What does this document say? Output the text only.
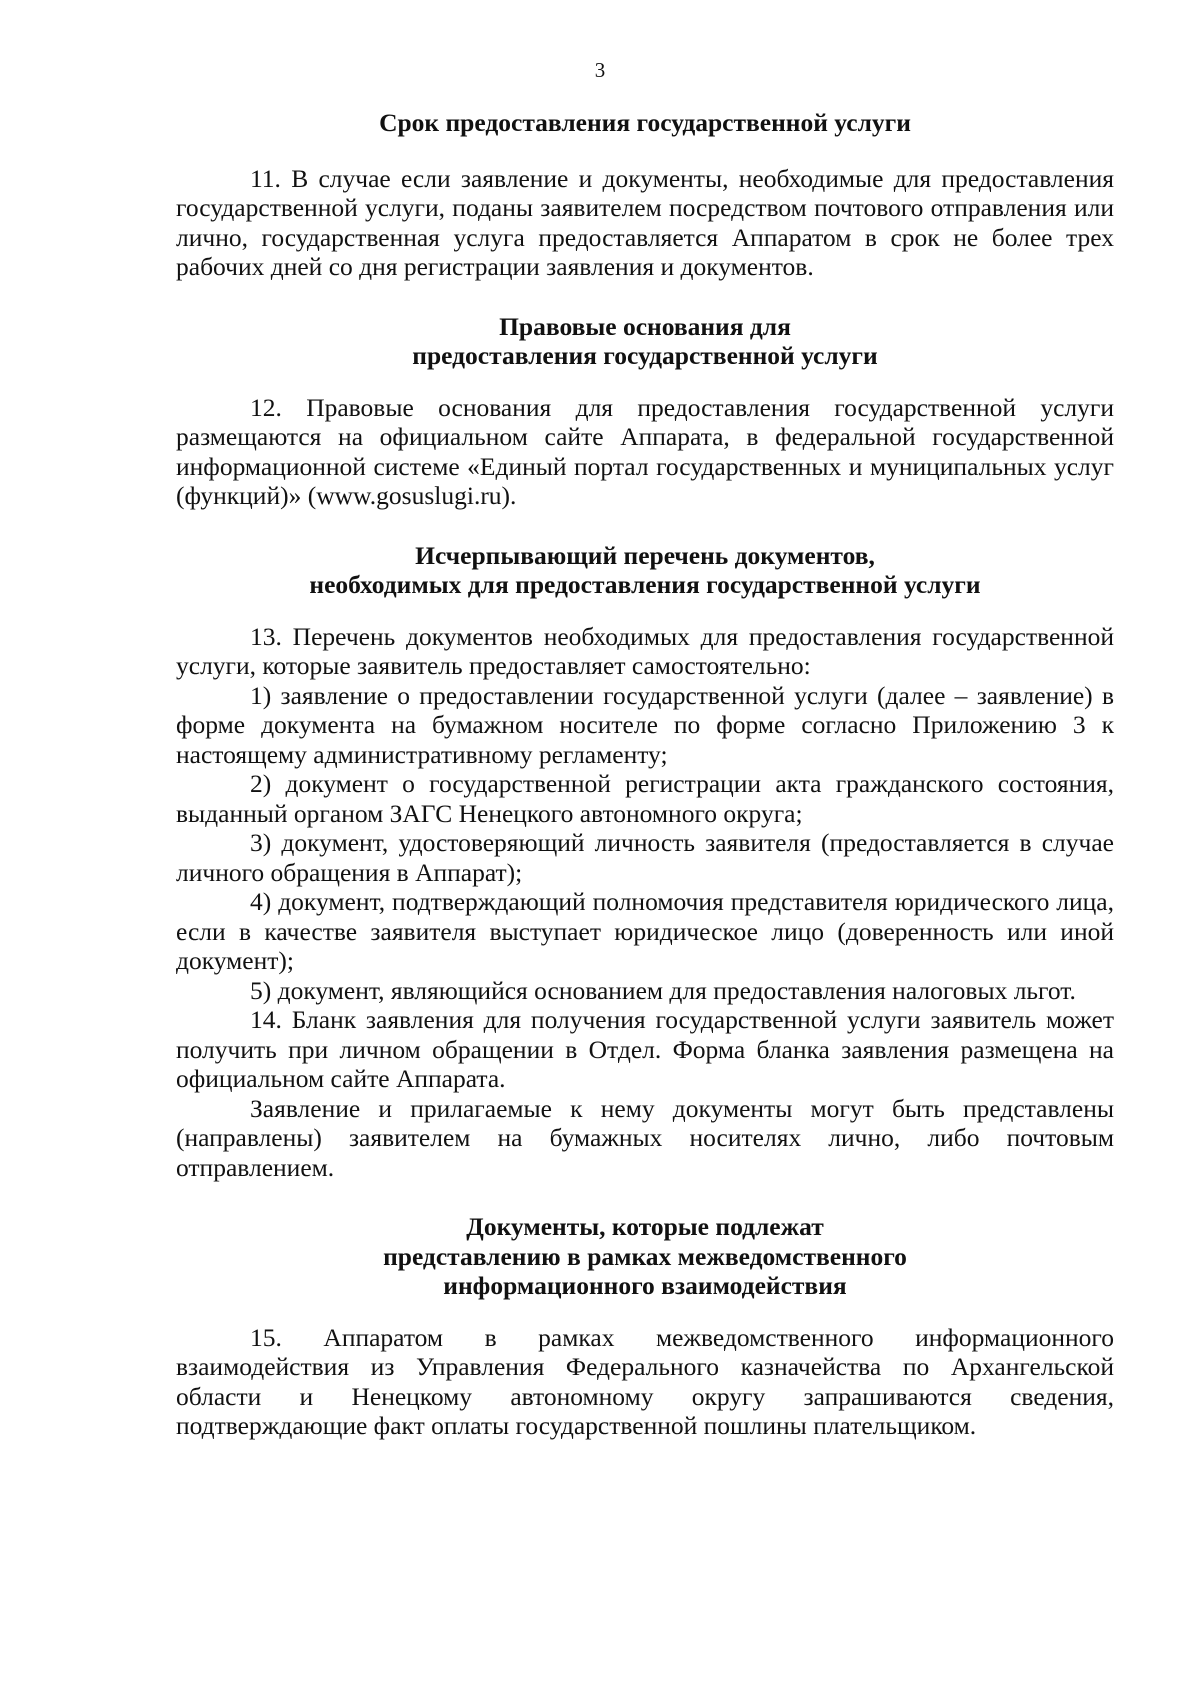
3
Срок предоставления государственной услуги

11. В случае если заявление и документы, необходимые для предоставления государственной услуги, поданы заявителем посредством почтового отправления или лично, государственная услуга предоставляется Аппаратом в срок не более трех рабочих дней со дня регистрации заявления и документов.

Правовые основания для
предоставления государственной услуги

12. Правовые основания для предоставления государственной услуги размещаются на официальном сайте Аппарата, в федеральной государственной информационной системе «Единый портал государственных и муниципальных услуг (функций)» (www.gosuslugi.ru).

Исчерпывающий перечень документов,
необходимых для предоставления государственной услуги

13. Перечень документов необходимых для предоставления государственной услуги, которые заявитель предоставляет самостоятельно:

1) заявление о предоставлении государственной услуги (далее – заявление) в форме документа на бумажном носителе по форме согласно Приложению 3 к настоящему административному регламенту;

2) документ о государственной регистрации акта гражданского состояния, выданный органом ЗАГС Ненецкого автономного округа;

3) документ, удостоверяющий личность заявителя (предоставляется в случае личного обращения в Аппарат);

4) документ, подтверждающий полномочия представителя юридического лица, если в качестве заявителя выступает юридическое лицо (доверенность или иной документ);

5) документ, являющийся основанием для предоставления налоговых льгот.

14. Бланк заявления для получения государственной услуги заявитель может получить при личном обращении в Отдел. Форма бланка заявления размещена на официальном сайте Аппарата.

Заявление и прилагаемые к нему документы могут быть представлены (направлены) заявителем на бумажных носителях лично, либо почтовым отправлением.

Документы, которые подлежат
представлению в рамках межведомственного
информационного взаимодействия

15. Аппаратом в рамках межведомственного информационного взаимодействия из Управления Федерального казначейства по Архангельской области и Ненецкому автономному округу запрашиваются сведения, подтверждающие факт оплаты государственной пошлины плательщиком.
